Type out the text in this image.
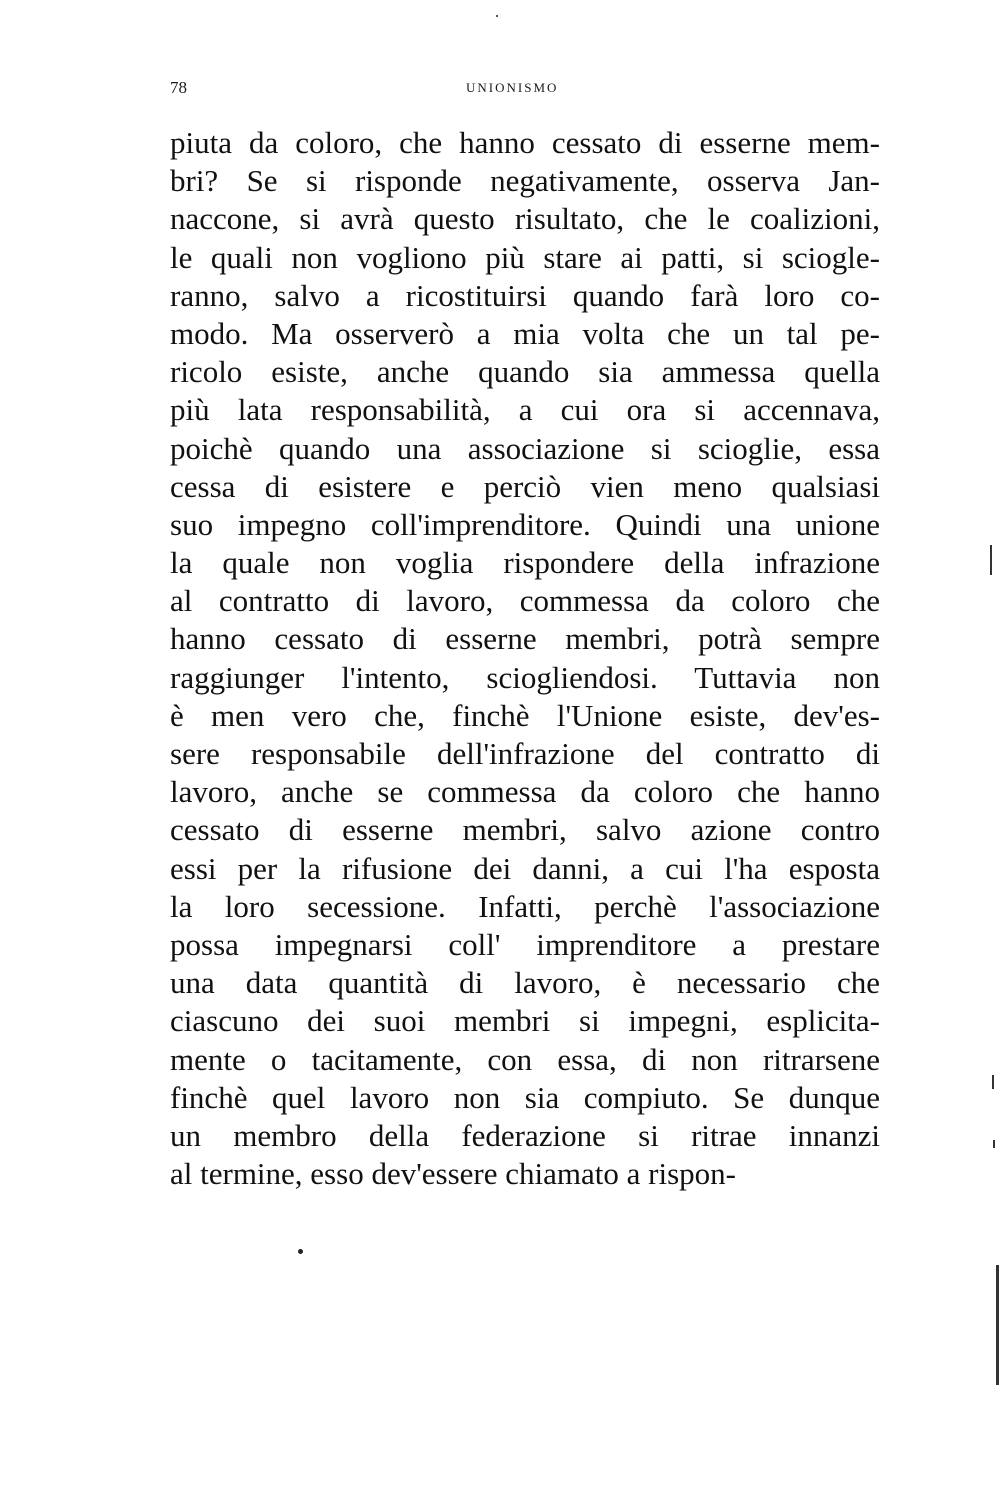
78	UNIONISMO
piuta da coloro, che hanno cessato di esserne mem-
bri? Se si risponde negativamente, osserva Jan-
naccone, si avrà questo risultato, che le coalizioni,
le quali non vogliono più stare ai patti, si sciogle-
ranno, salvo a ricostituirsi quando farà loro co-
modo. Ma osserverò a mia volta che un tal pe-
ricolo esiste, anche quando sia ammessa quella
più lata responsabilità, a cui ora si accennava,
poichè quando una associazione si scioglie, essa
cessa di esistere e perciò vien meno qualsiasi
suo impegno coll'imprenditore. Quindi una unione
la quale non voglia rispondere della infrazione
al contratto di lavoro, commessa da coloro che
hanno cessato di esserne membri, potrà sempre
raggiunger l'intento, sciogliendosi. Tuttavia non
è men vero che, finchè l'Unione esiste, dev'es-
sere responsabile dell'infrazione del contratto di
lavoro, anche se commessa da coloro che hanno
cessato di esserne membri, salvo azione contro
essi per la rifusione dei danni, a cui l'ha esposta
la loro secessione. Infatti, perchè l'associazione
possa impegnarsi coll' imprenditore a prestare
una data quantità di lavoro, è necessario che
ciascuno dei suoi membri si impegni, esplicita-
mente o tacitamente, con essa, di non ritrarsene
finchè quel lavoro non sia compiuto. Se dunque
un membro della federazione si ritrae innanzi
al termine, esso dev'essere chiamato a rispon-
